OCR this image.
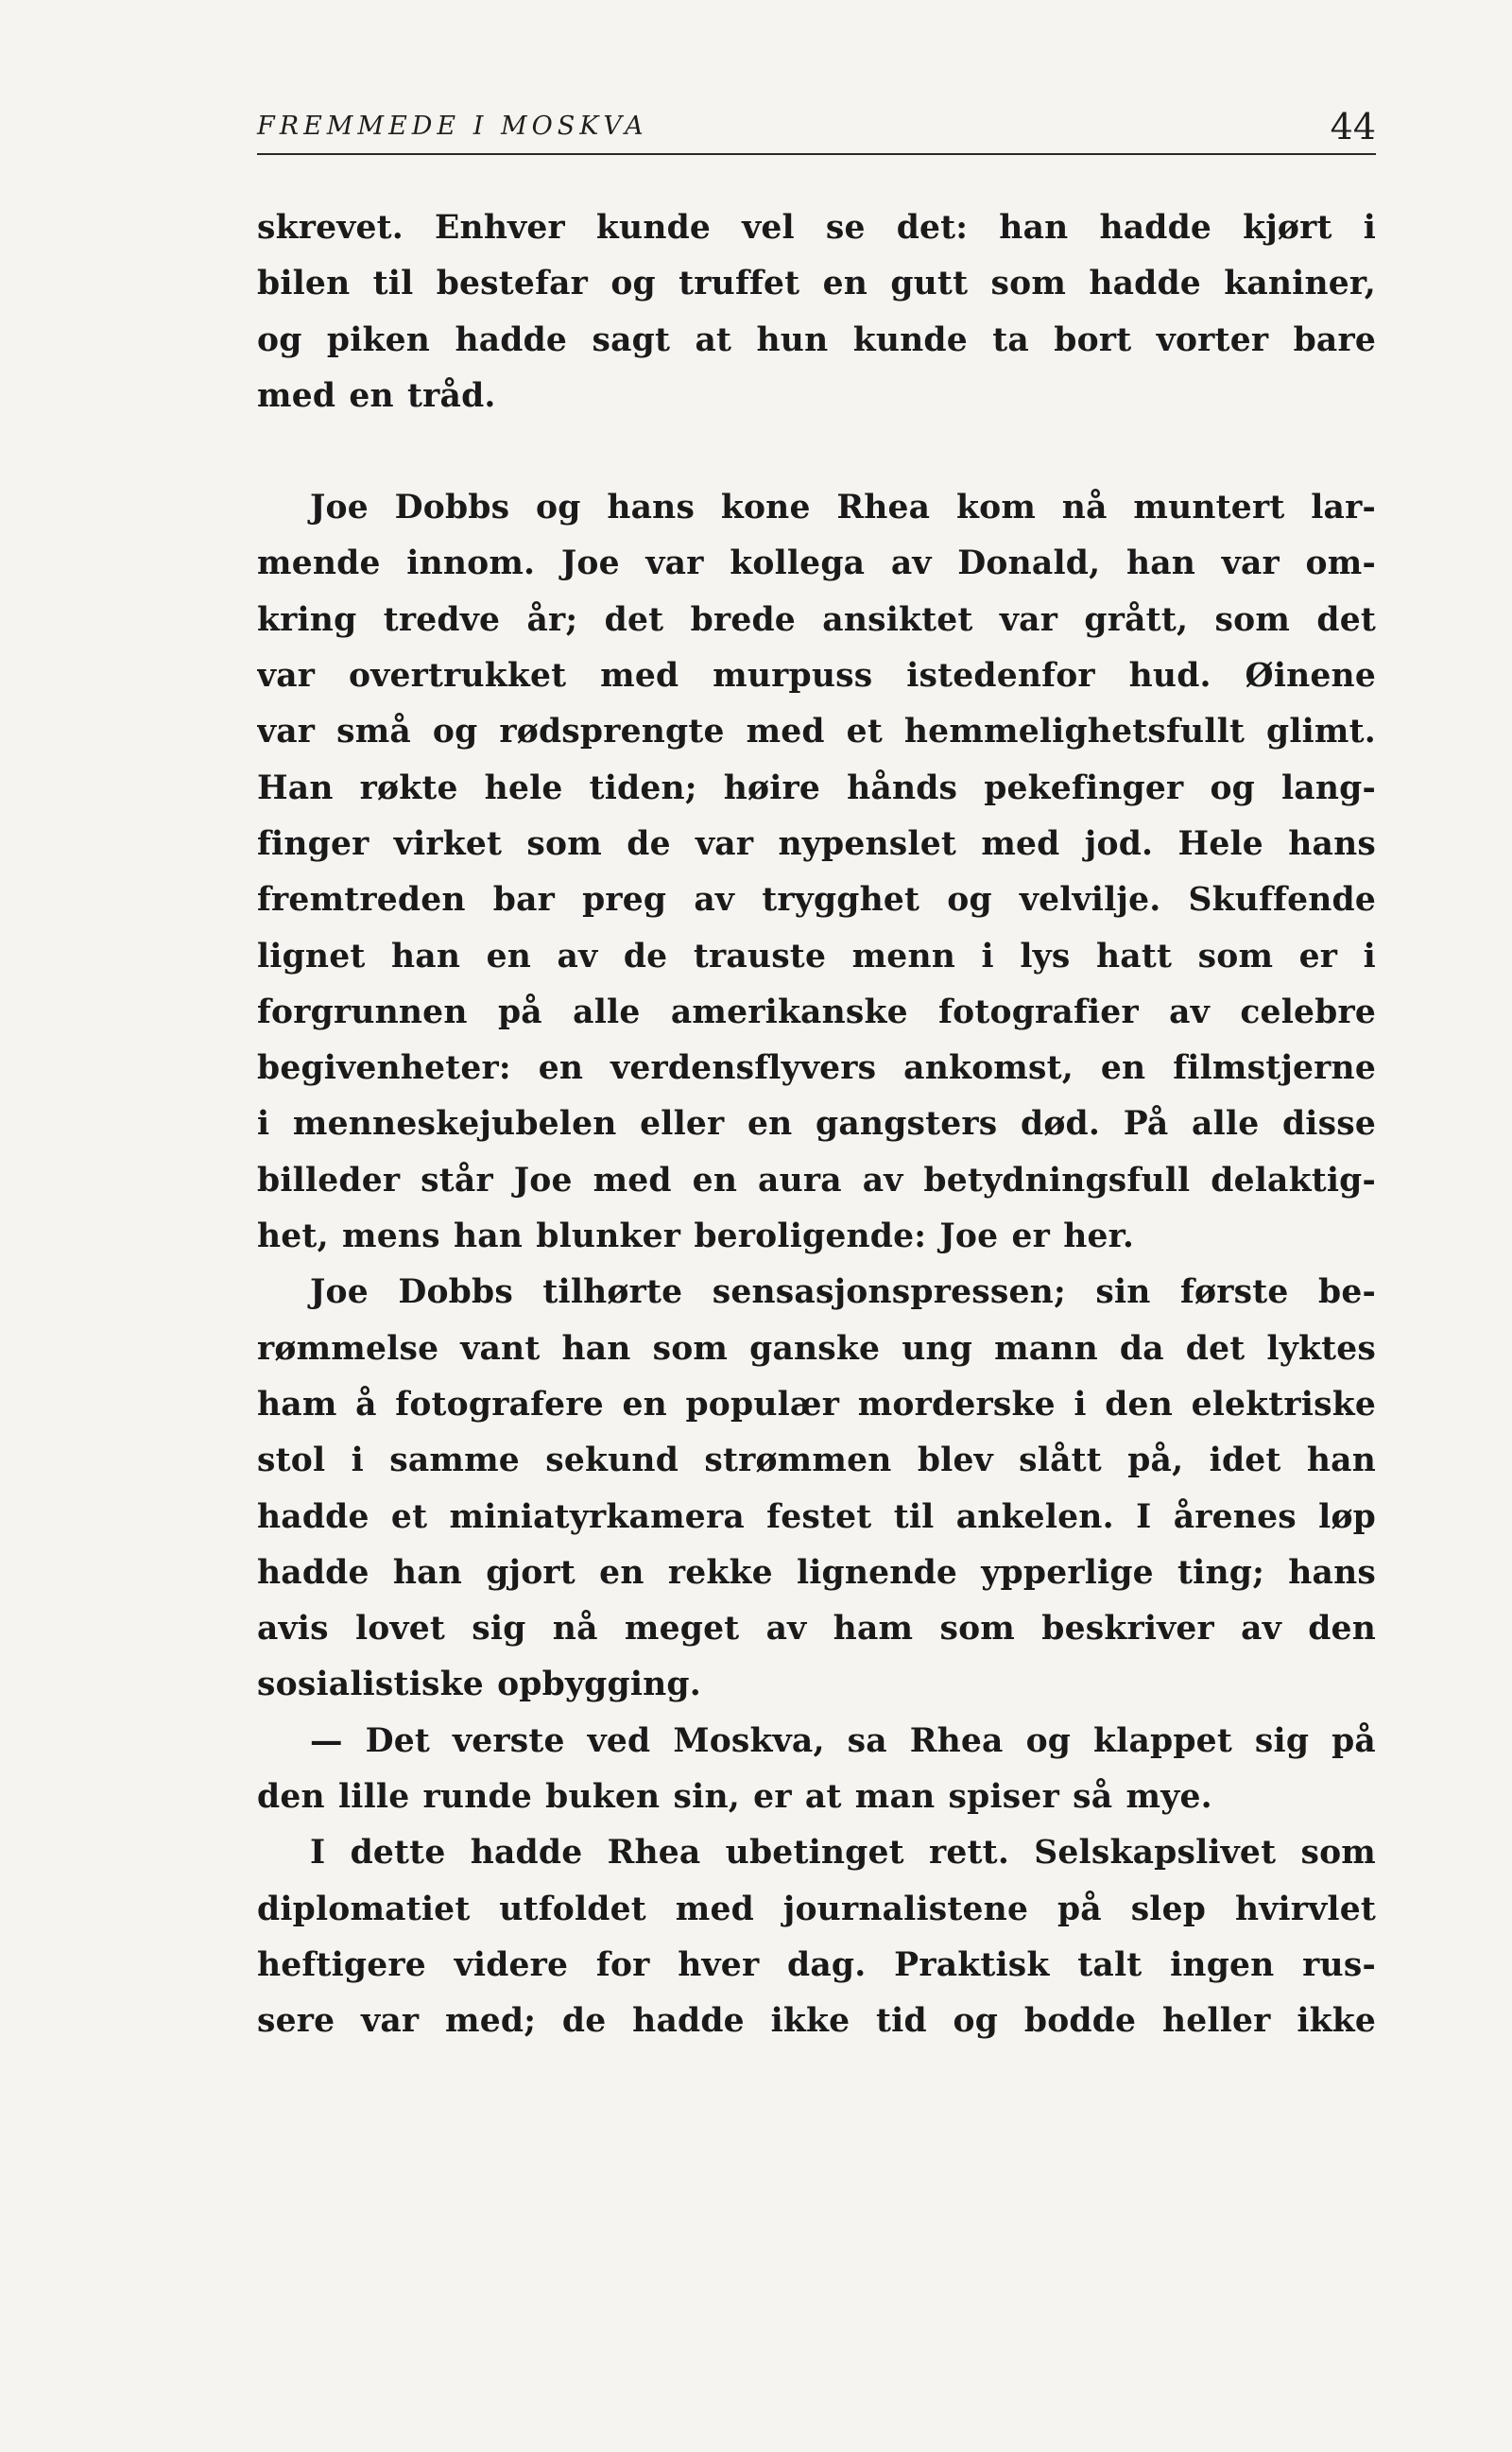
FREMMEDE I MOSKVA	44
skrevet. Enhver kunde vel se det: han hadde kjørt i
bilen til bestefar og truffet en gutt som hadde kaniner,
og piken hadde sagt at hun kunde ta bort vorter bare
med en tråd.
Joe Dobbs og hans kone Rhea kom nå muntert lar-
mende innom. Joe var kollega av Donald, han var om-
kring tredve år; det brede ansiktet var grått, som det
var overtrukket med murpuss istedenfor hud. Øinene
var små og rødsprengte med et hemmelighetsfullt glimt.
Han røkte hele tiden; høire hånds pekefinger og lang-
finger virket som de var nypenslet med jod. Hele hans
fremtreden bar preg av trygghet og velvilje. Skuffende
lignet han en av de trauste menn i lys hatt som er i
forgrunnen på alle amerikanske fotografier av celebre
begivenheter: en verdensflyvers ankomst, en filmstjerne
i menneskejubelen eller en gangsters død. På alle disse
billeder står Joe med en aura av betydningsfull delaktig-
het, mens han blunker beroligende: Joe er her.
Joe Dobbs tilhørte sensasjonspressen; sin første be-
rømmelse vant han som ganske ung mann da det lyktes
ham å fotografere en populær morderske i den elektriske
stol i samme sekund strømmen blev slått på, idet han
hadde et miniatyrkamera festet til ankelen. I årenes løp
hadde han gjort en rekke lignende ypperlige ting; hans
avis lovet sig nå meget av ham som beskriver av den
sosialistiske opbygging.
— Det verste ved Moskva, sa Rhea og klappet sig på
den lille runde buken sin, er at man spiser så mye.
I dette hadde Rhea ubetinget rett. Selskapslivet som
diplomatiet utfoldet med journalistene på slep hvirvlet
heftigere videre for hver dag. Praktisk talt ingen rus-
sere var med; de hadde ikke tid og bodde heller ikke
